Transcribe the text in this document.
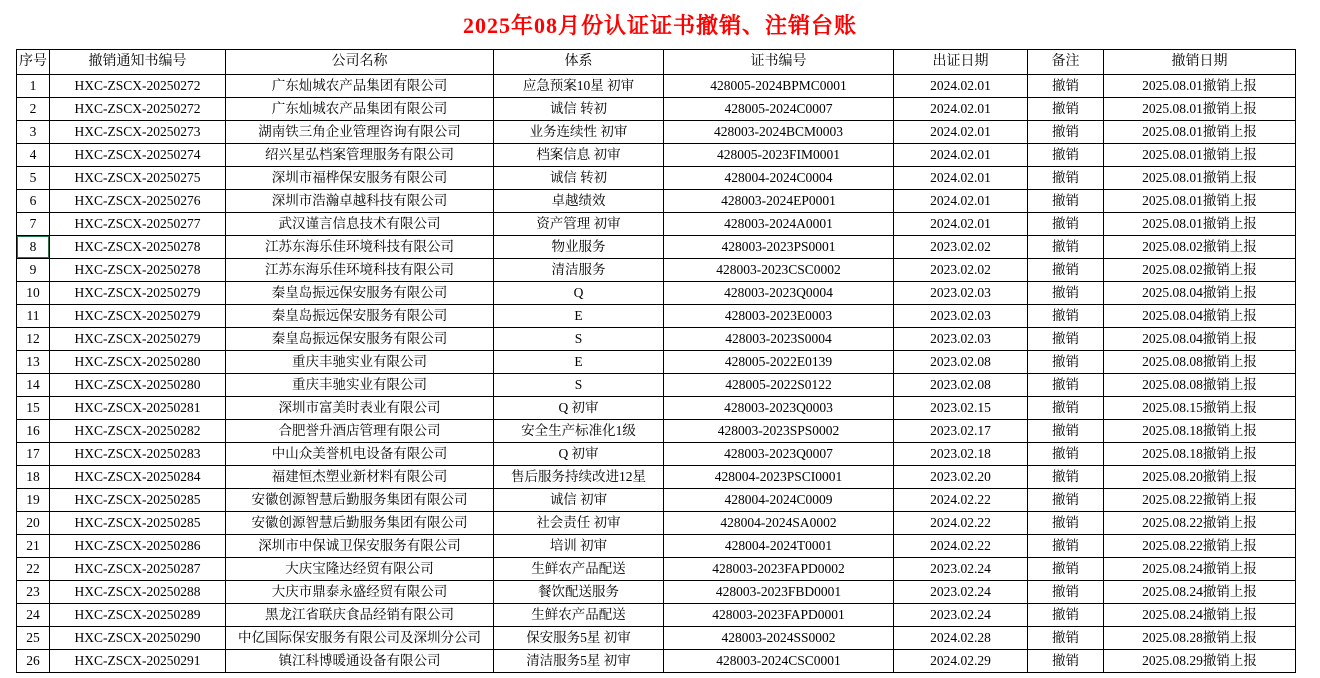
2025年08月份认证证书撤销、注销台账
序号	撤销通知书编号	公司名称	体系	证书编号	出证日期	备注	撤销日期
1	HXC-ZSCX-20250272	广东灿城农产品集团有限公司	应急预案10星 初审	428005-2024BPMC0001	2024.02.01	撤销	2025.08.01撤销上报
2	HXC-ZSCX-20250272	广东灿城农产品集团有限公司	诚信 转初	428005-2024C0007	2024.02.01	撤销	2025.08.01撤销上报
3	HXC-ZSCX-20250273	湖南铁三角企业管理咨询有限公司	业务连续性 初审	428003-2024BCM0003	2024.02.01	撤销	2025.08.01撤销上报
4	HXC-ZSCX-20250274	绍兴星弘档案管理服务有限公司	档案信息 初审	428005-2023FIM0001	2024.02.01	撤销	2025.08.01撤销上报
5	HXC-ZSCX-20250275	深圳市福桦保安服务有限公司	诚信 转初	428004-2024C0004	2024.02.01	撤销	2025.08.01撤销上报
6	HXC-ZSCX-20250276	深圳市浩瀚卓越科技有限公司	卓越绩效	428003-2024EP0001	2024.02.01	撤销	2025.08.01撤销上报
7	HXC-ZSCX-20250277	武汉谨言信息技术有限公司	资产管理 初审	428003-2024A0001	2024.02.01	撤销	2025.08.01撤销上报
8	HXC-ZSCX-20250278	江苏东海乐佳环境科技有限公司	物业服务	428003-2023PS0001	2023.02.02	撤销	2025.08.02撤销上报
9	HXC-ZSCX-20250278	江苏东海乐佳环境科技有限公司	清洁服务	428003-2023CSC0002	2023.02.02	撤销	2025.08.02撤销上报
10	HXC-ZSCX-20250279	秦皇岛振远保安服务有限公司	Q	428003-2023Q0004	2023.02.03	撤销	2025.08.04撤销上报
11	HXC-ZSCX-20250279	秦皇岛振远保安服务有限公司	E	428003-2023E0003	2023.02.03	撤销	2025.08.04撤销上报
12	HXC-ZSCX-20250279	秦皇岛振远保安服务有限公司	S	428003-2023S0004	2023.02.03	撤销	2025.08.04撤销上报
13	HXC-ZSCX-20250280	重庆丰驰实业有限公司	E	428005-2022E0139	2023.02.08	撤销	2025.08.08撤销上报
14	HXC-ZSCX-20250280	重庆丰驰实业有限公司	S	428005-2022S0122	2023.02.08	撤销	2025.08.08撤销上报
15	HXC-ZSCX-20250281	深圳市富美时表业有限公司	Q 初审	428003-2023Q0003	2023.02.15	撤销	2025.08.15撤销上报
16	HXC-ZSCX-20250282	合肥誉升酒店管理有限公司	安全生产标准化1级	428003-2023SPS0002	2023.02.17	撤销	2025.08.18撤销上报
17	HXC-ZSCX-20250283	中山众美誉机电设备有限公司	Q 初审	428003-2023Q0007	2023.02.18	撤销	2025.08.18撤销上报
18	HXC-ZSCX-20250284	福建恒杰塑业新材料有限公司	售后服务持续改进12星	428004-2023PSCI0001	2023.02.20	撤销	2025.08.20撤销上报
19	HXC-ZSCX-20250285	安徽创源智慧后勤服务集团有限公司	诚信 初审	428004-2024C0009	2024.02.22	撤销	2025.08.22撤销上报
20	HXC-ZSCX-20250285	安徽创源智慧后勤服务集团有限公司	社会责任 初审	428004-2024SA0002	2024.02.22	撤销	2025.08.22撤销上报
21	HXC-ZSCX-20250286	深圳市中保诚卫保安服务有限公司	培训 初审	428004-2024T0001	2024.02.22	撤销	2025.08.22撤销上报
22	HXC-ZSCX-20250287	大庆宝隆达经贸有限公司	生鲜农产品配送	428003-2023FAPD0002	2023.02.24	撤销	2025.08.24撤销上报
23	HXC-ZSCX-20250288	大庆市鼎泰永盛经贸有限公司	餐饮配送服务	428003-2023FBD0001	2023.02.24	撤销	2025.08.24撤销上报
24	HXC-ZSCX-20250289	黑龙江省联庆食品经销有限公司	生鲜农产品配送	428003-2023FAPD0001	2023.02.24	撤销	2025.08.24撤销上报
25	HXC-ZSCX-20250290	中亿国际保安服务有限公司及深圳分公司	保安服务5星 初审	428003-2024SS0002	2024.02.28	撤销	2025.08.28撤销上报
26	HXC-ZSCX-20250291	镇江科博暖通设备有限公司	清洁服务5星 初审	428003-2024CSC0001	2024.02.29	撤销	2025.08.29撤销上报
